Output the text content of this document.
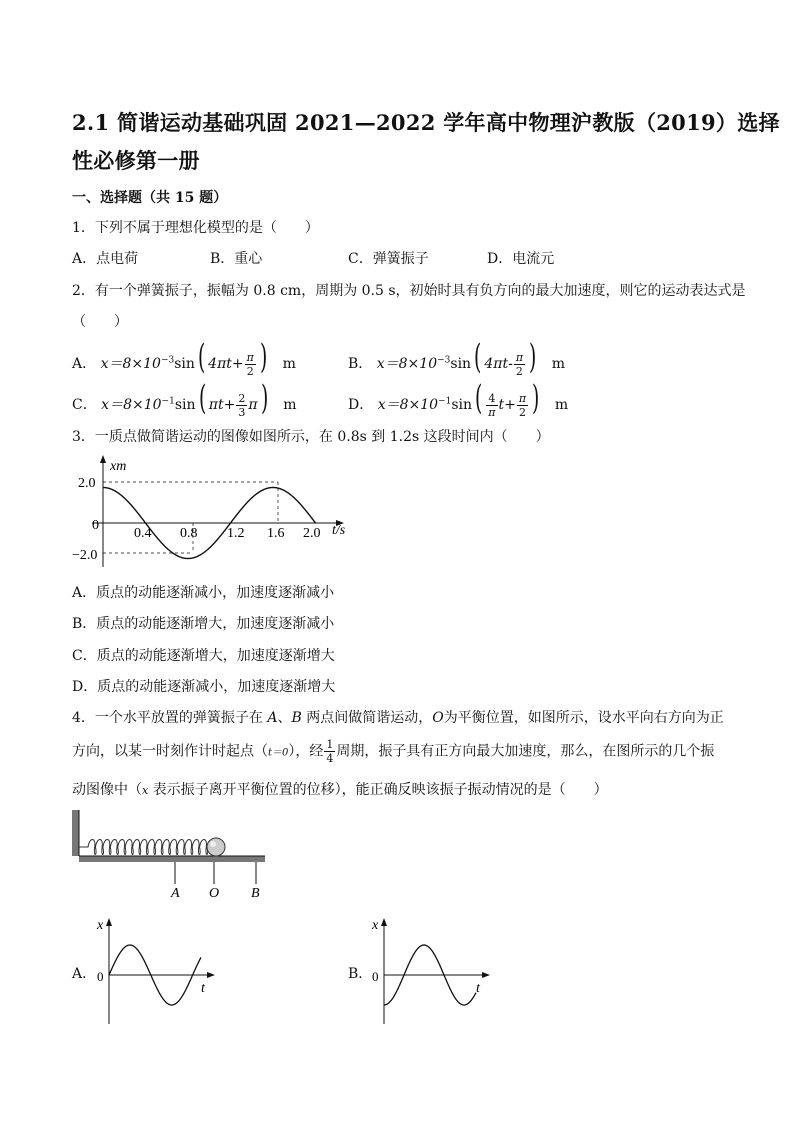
2.1 简谐运动基础巩固 2021—2022 学年高中物理沪教版（2019）选择
性必修第一册
一、选择题（共 15 题）
1．下列不属于理想化模型的是（　　）
A．点电荷	B．重心	C．弹簧振子	D．电流元
2．有一个弹簧振子，振幅为 0.8 cm，周期为 0.5 s，初始时具有负方向的最大加速度，则它的运动表达式是
（　　）
A． $x=8\times 10^{-3}\sin$( $4\pi t+ \frac{\pi}{2}$ ) m	B． $x=8\times 10^{-3}\sin$( $4\pi t- \frac{\pi}{2}$ ) m
C． $x=8\times 10^{-1}\sin$( $\pi t+ \frac{2}{3} \pi$) m	D． $x=8\times 10^{-1}\sin( \frac{4}{\pi} t+ \frac{\pi}{2}$ ) m
3．一质点做简谐运动的图像如图所示，在 0.8s 到 1.2s 这段时间内（　　）
xm
2.0
−2.0
0
0.4 0.8 1.2 1.6 2.0 t/s
A．质点的动能逐渐减小，加速度逐渐减小
B．质点的动能逐渐增大，加速度逐渐减小
C．质点的动能逐渐增大，加速度逐渐增大
D．质点的动能逐渐减小，加速度逐渐增大
4．一个水平放置的弹簧振子在 A、B 两点间做简谐运动，O为平衡位置，如图所示，设水平向右方向为正
方向，以某一时刻作计时起点（t＝0），经 $\frac{1}{4}$ 周期，振子具有正方向最大加速度，那么，在图所示的几个振
动图像中（x 表示振子离开平衡位置的位移），能正确反映该振子振动情况的是（　　）
A O B
A．
x
0
t
B．
x
0
t
